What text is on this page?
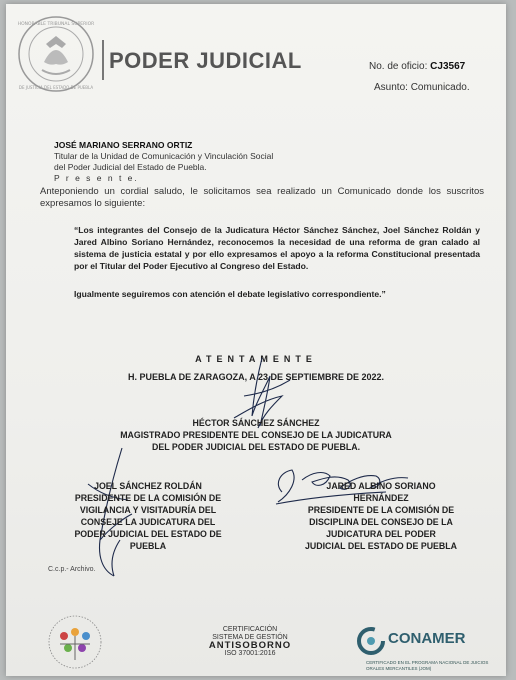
HONORABLE TRIBUNAL SUPERIOR
DE JUSTICIA DEL ESTADO DE PUEBLA
PODER JUDICIAL	No. de oficio: CJ3567
Asunto: Comunicado.
JOSÉ MARIANO SERRANO ORTIZ
Titular de la Unidad de Comunicación y Vinculación Social
del Poder Judicial del Estado de Puebla.
P r e s e n t e.
Anteponiendo un cordial saludo, le solicitamos sea realizado un Comunicado donde los suscritos expresamos lo siguiente:
“Los integrantes del Consejo de la Judicatura Héctor Sánchez Sánchez, Joel Sánchez Roldán y Jared Albino Soriano Hernández, reconocemos la necesidad de una reforma de gran calado al sistema de justicia estatal y por ello expresamos el apoyo a la reforma Constitucional presentada por el Titular del Poder Ejecutivo al Congreso del Estado.
Igualmente seguiremos con atención el debate legislativo correspondiente.”
ATENTAMENTE
H. PUEBLA DE ZARAGOZA, A 23 DE SEPTIEMBRE DE 2022.
HÉCTOR SÁNCHEZ SÁNCHEZ
MAGISTRADO PRESIDENTE DEL CONSEJO DE LA JUDICATURA
DEL PODER JUDICIAL DEL ESTADO DE PUEBLA.
JOEL SÁNCHEZ ROLDÁN
PRESIDENTE DE LA COMISIÓN DE
VIGILANCIA Y VISITADURÍA DEL
CONSEJE LA JUDICATURA DEL
PODER JUDICIAL DEL ESTADO DE
PUEBLA
JARED ALBINO SORIANO
HERNÁNDEZ
PRESIDENTE DE LA COMISIÓN DE
DISCIPLINA DEL CONSEJO DE LA
JUDICATURA DEL PODER
JUDICIAL DEL ESTADO DE PUEBLA
C.c.p.- Archivo.
CERTIFICACIÓN
SISTEMA DE GESTIÓN
ANTISOBORNO
ISO 37001:2016
CONAMER
CERTIFICADO EN EL PROGRAMA NACIONAL DE JUICIOS ORALES MERCANTILES (JOM)
